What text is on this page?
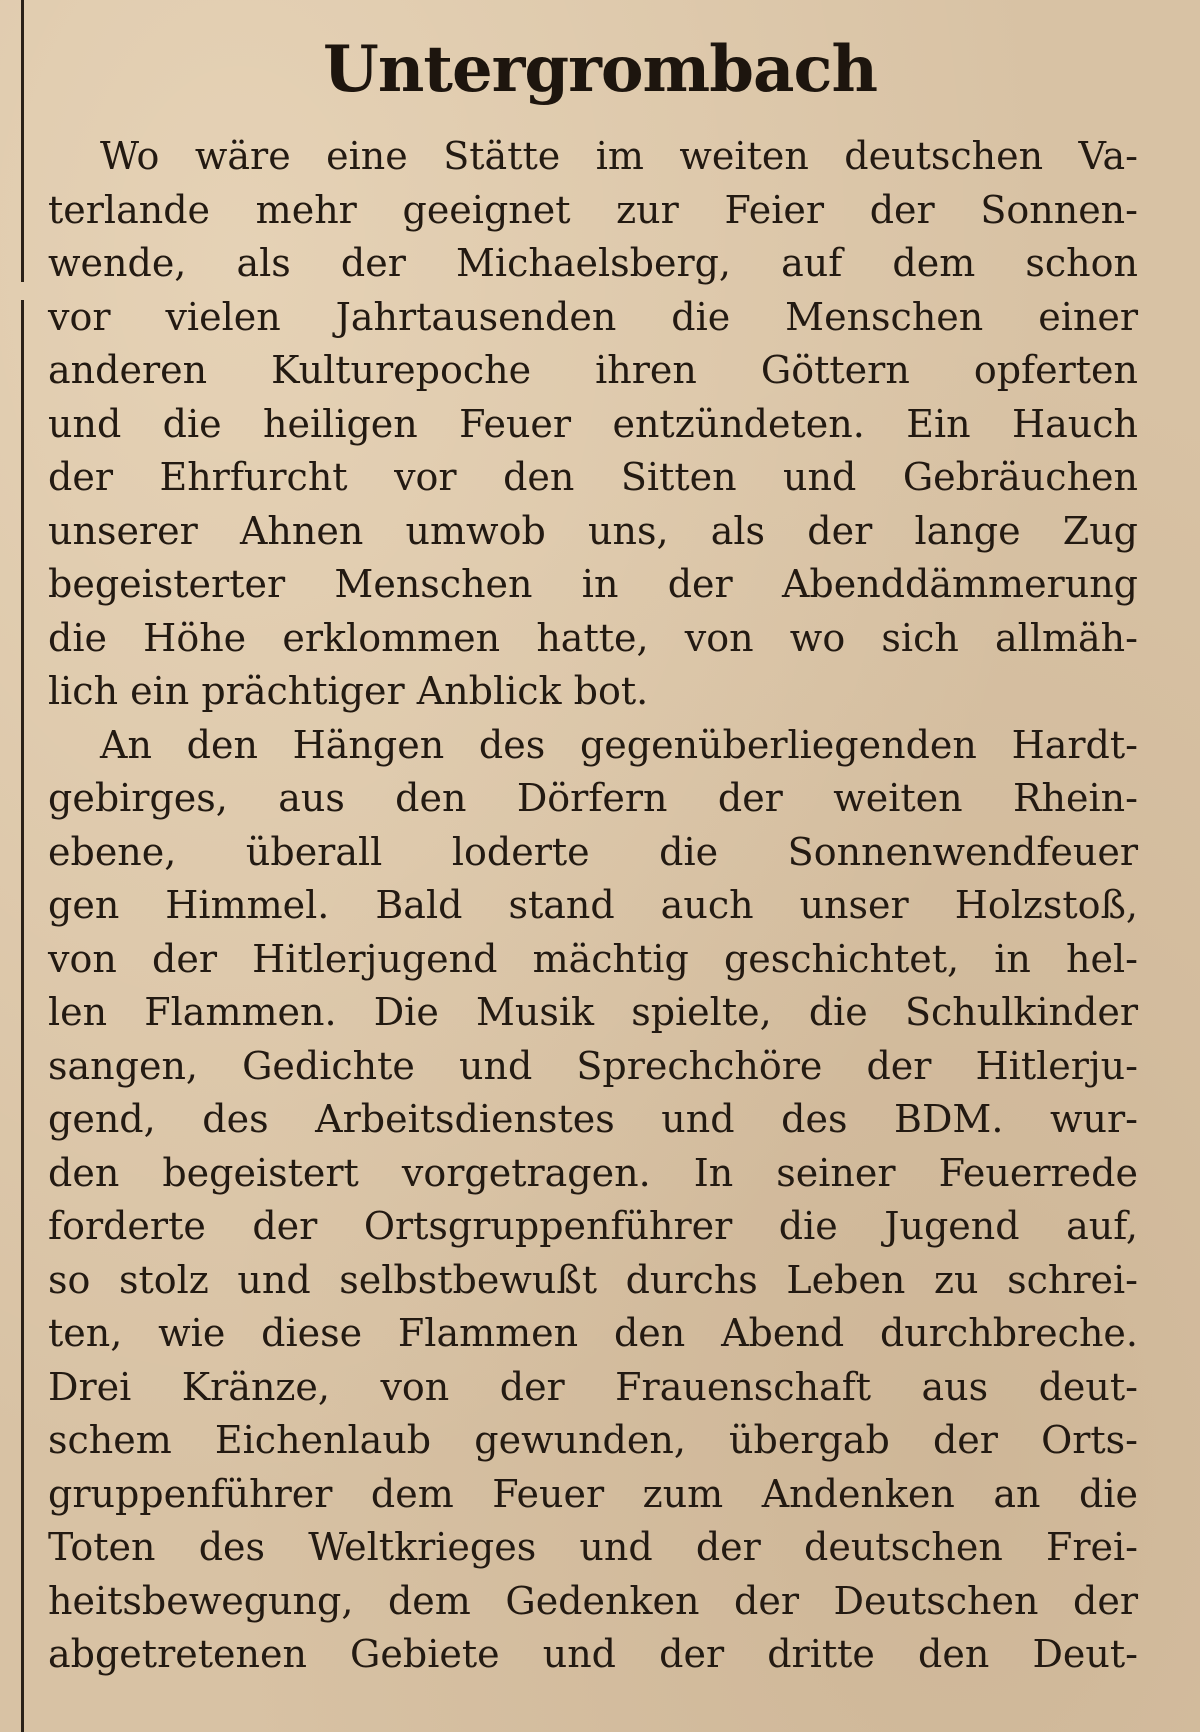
Untergrombach
Wo wäre eine Stätte im weiten deutschen Va-
terlande mehr geeignet zur Feier der Sonnen-
wende, als der Michaelsberg, auf dem schon
vor vielen Jahrtausenden die Menschen einer
anderen Kulturepoche ihren Göttern opferten
und die heiligen Feuer entzündeten. Ein Hauch
der Ehrfurcht vor den Sitten und Gebräuchen
unserer Ahnen umwob uns, als der lange Zug
begeisterter Menschen in der Abenddämmerung
die Höhe erklommen hatte, von wo sich allmäh-
lich ein prächtiger Anblick bot.
An den Hängen des gegenüberliegenden Hardt-
gebirges, aus den Dörfern der weiten Rhein-
ebene, überall loderte die Sonnenwendfeuer
gen Himmel. Bald stand auch unser Holzstoß,
von der Hitlerjugend mächtig geschichtet, in hel-
len Flammen. Die Musik spielte, die Schulkinder
sangen, Gedichte und Sprechchöre der Hitlerju-
gend, des Arbeitsdienstes und des BDM. wur-
den begeistert vorgetragen. In seiner Feuerrede
forderte der Ortsgruppenführer die Jugend auf,
so stolz und selbstbewußt durchs Leben zu schrei-
ten, wie diese Flammen den Abend durchbreche.
Drei Kränze, von der Frauenschaft aus deut-
schem Eichenlaub gewunden, übergab der Orts-
gruppenführer dem Feuer zum Andenken an die
Toten des Weltkrieges und der deutschen Frei-
heitsbewegung, dem Gedenken der Deutschen der
abgetretenen Gebiete und der dritte den Deut-
